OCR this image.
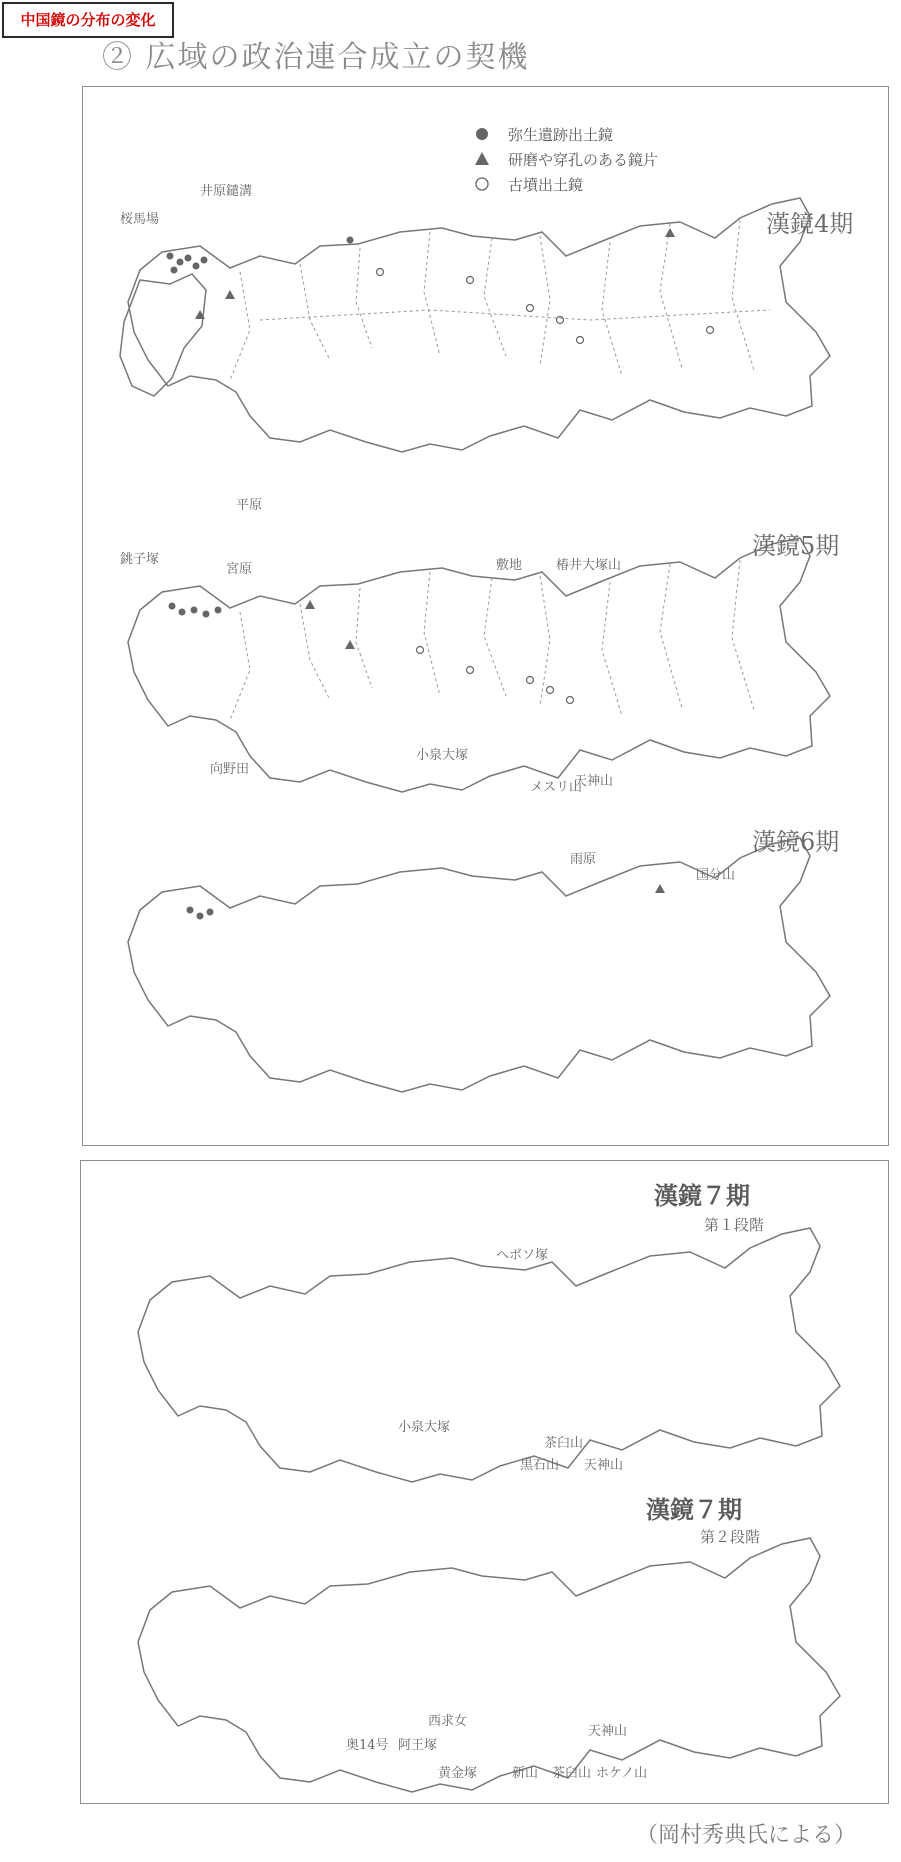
中国鏡の分布の変化
② 広域の政治連合成立の契機
弥生遺跡出土鏡
研磨や穿孔のある鏡片
古墳出土鏡
漢鏡4期
井原鑓溝
桜馬場
漢鏡5期
平原
銚子塚
宮原
向野田
敷地	椿井大塚山
小泉大塚
メスリ山
天神山
漢鏡6期
雨原
国分山
漢鏡７期
第１段階
ヘボソ塚
小泉大塚
茶臼山
黒石山 天神山
漢鏡７期
第２段階
西求女
奥14号 阿王塚
黄金塚	新山 茶臼山
天神山
ホケノ山
（岡村秀典氏による）
